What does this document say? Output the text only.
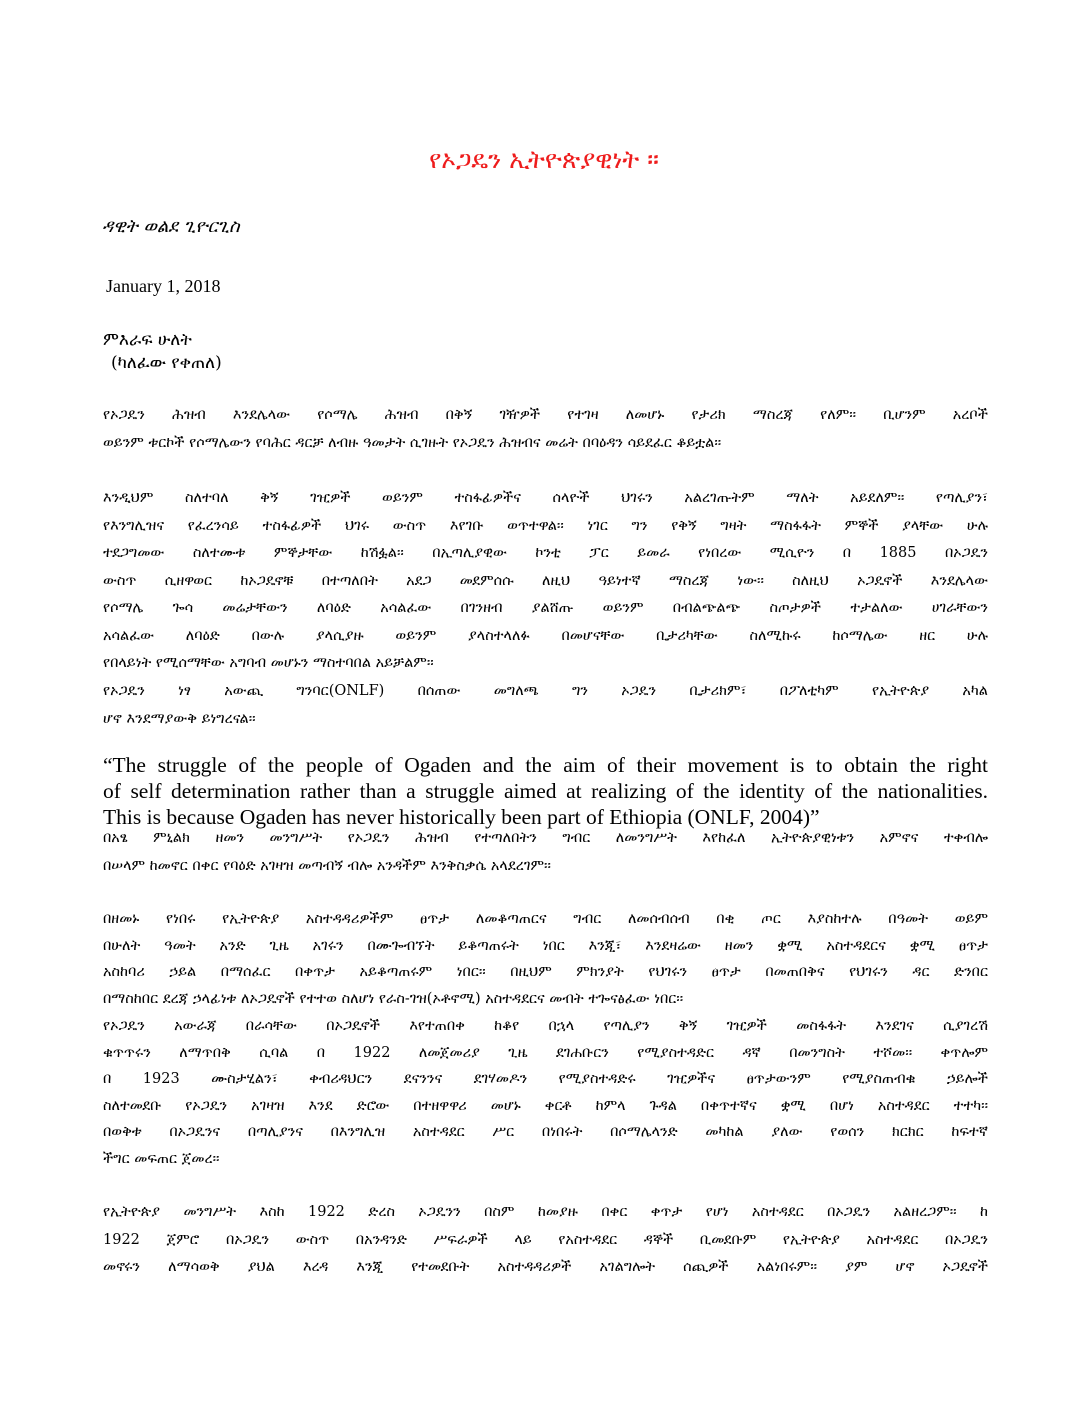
የኦጋዴን ኢትዮጵያዊነት ።
ዳዊት ወልደ ጊዮርጊስ
January 1, 2018
ምእራፍ ሁለት
(ካለፈው የቀጠለ)
የኦጋዴን ሕዝብ እንደሌላው የሶማሌ ሕዝብ በቅኝ ገዥዎች የተገዛ ለመሆኑ የታሪክ ማስረጃ የለም፡፡ ቢሆንም አረቦች
ወይንም ቱርኮች የሶማሌውን የባሕር ዳርቻ ለብዙ ዓመታት ሲገዙት የኦጋዴን ሕዝብና መሬት በባዕዳን ሳይደፈር ቆይቷል፡፡
እንዲህም ስለተባለ ቅኝ ገዢዎች ወይንም ተስፋፊዎችና ሰላዮች ህገሩን አልረገጡትም ማለት አይደለም፡፡ የጣሊያን፣
የእንግሊዝና የፈረንሳይ ተስፋፊዎች ህገሩ ውስጥ እየገቡ ወጥተዋል፡፡ ነገር ግን የቅኝ ግዛት ማስፋፋት ምኞች ያላቸው ሁሉ
ተደጋግመው ስለተሙቱ ምኞታቸው ከሽፏል፡፡ በኢጣሊያዊው ኮንቲ ፓር ይመራ የነበረው ሚሲዮን በ 1885 በኦጋዴን
ውስጥ ሲዘዋወር ከኦጋዴኖቹ በተጣለበት አደጋ መደምሰሱ ለዚህ ዓይነተኛ ማስረጃ ነው፡፡ ስለዚህ ኦጋዴኖች እንደሌላው
የሶማሌ ጐሳ መሬታቸውን ለባዕድ አሳልፈው በገንዘብ ያልሸጡ ወይንም በብልጭልጭ ስጦታዎች ተታልለው ሀገራቸውን
አሳልፈው ለባዕድ በውሉ ያላሲያዙ ወይንም ያላስተላለፉ በመሆናቸው ቢታሪካቸው ስለሚኩሩ ከሶማሌው ዘር ሁሉ
የበላይነት የሚሰማቸው አግባብ መሆኑን ማስተባበል አይቻልም፡፡
የኦጋዴን ነፃ አውጪ ግንባር(ONLF) በሰጠው መግለጫ ግን ኦጋዴን ቢታሪክም፣ በፖለቲካም የኢትዮጵያ አካል
ሆኖ እንደማያውቅ ይነግረናል፡፡
“The struggle of the people of Ogaden and the aim of their movement is to obtain the right
of self determination rather than a struggle aimed at realizing of the identity of the nationalities.
This is because Ogaden has never historically been part of Ethiopia (ONLF, 2004)”
በአፄ ምኒልክ ዘመን መንግሥት የኦጋዴን ሕዝብ የተጣለበትን ግብር ለመንግሥት እየከፈለ ኢትዮጵያዊነቱን አምኖና ተቀብሎ
በሠላም ከመኖር በቀር የባዕድ አገዛዝ መጣብኝ ብሎ አንዳችም እንቅስቃሴ አላደረገም፡፡
በዘመኑ የነበሩ የኢትዮጵያ አስተዳዳሪዎችም ፀጥታ ለመቆጣጠርና ግብር ለመሰብሰብ በቂ ጦር እያስከተሉ በዓመት ወይም
በሁለት ዓመት አንድ ጊዜ አገሩን በሙጐብኘት ይቆጣጠሩት ነበር እንጂ፣ እንደዛሬው ዘመን ቋሚ አስተዳደርና ቋሚ ፀጥታ
አስከባሪ ኃይል በማሰፈር በቀጥታ አይቆጣጠሩም ነበር፡፡ በዚህም ምክንያት የህገሩን ፀጥታ በመጠበቅና የህገሩን ዳር ድንበር
በማስከበር ደረጃ ኃላፊነቱ ለኦጋዴኖች የተተወ ስለሆነ የራስ-ገዝ(ኦቶኖሚ) አስተዳደርና መብት ተጐናፅፈው ነበር፡፡
የኦጋዴን አውራጃ በራሳቸው በኦጋዴኖች እየተጠበቀ ከቆየ በኋላ የጣሊያን ቅኝ ገዢዎች መስፋፋት እንደገና ሲያገረሽ
ቁጥጥሩን ለማጥበቅ ሲባል በ 1922 ለመጀመሪያ ጊዜ ደገሐቡርን የሚያስተዳድር ዳኛ በመንግስት ተሾመ፡፡ ቀጥሎም
በ 1923 ሙስታሂልን፣ ቀብሪዳህርን ደናንንና ደገሃመዶን የሚያስተዳድሩ ገዢዎችና ፀጥታውንም የሚያስጠብቁ ኃይሎች
ስለተመደቡ የኦጋዴን አገዛዝ እንደ ድሮው በተዘዋዋሪ መሆኑ ቀርቶ ከምላ ጉዳል በቀጥተኛና ቋሚ በሆነ አስተዳደር ተተካ፡፡
በወቅቱ በኦጋዴንና በጣሊያንና በእንግሊዝ አስተዳደር ሥር በነበሩት በሶማሌላንድ መካከል ያለው የወሰን ክርክር ከፍተኛ
ችግር መፍጠር ጀመረ፡፡
የኢትዮጵያ መንግሥት እስከ 1922 ድረስ ኦጋዴንን በስም ከመያዙ በቀር ቀጥታ የሆነ አስተዳደር በኦጋዴን አልዘረጋም፡፡ ከ
1922 ጀምሮ በኦጋዴን ውስጥ በአንዳንድ ሥፍራዎች ላይ የአስተዳደር ዳኞች ቢመደቡም የኢትዮጵያ አስተዳደር በኦጋዴን
መኖሩን ለማሳወቅ ያህል እረዳ እንጂ የተመደቡት አስተዳዳሪዎች አገልግሎት ሰጪዎች አልነበሩም፡፡ ያም ሆኖ ኦጋዴኖች
